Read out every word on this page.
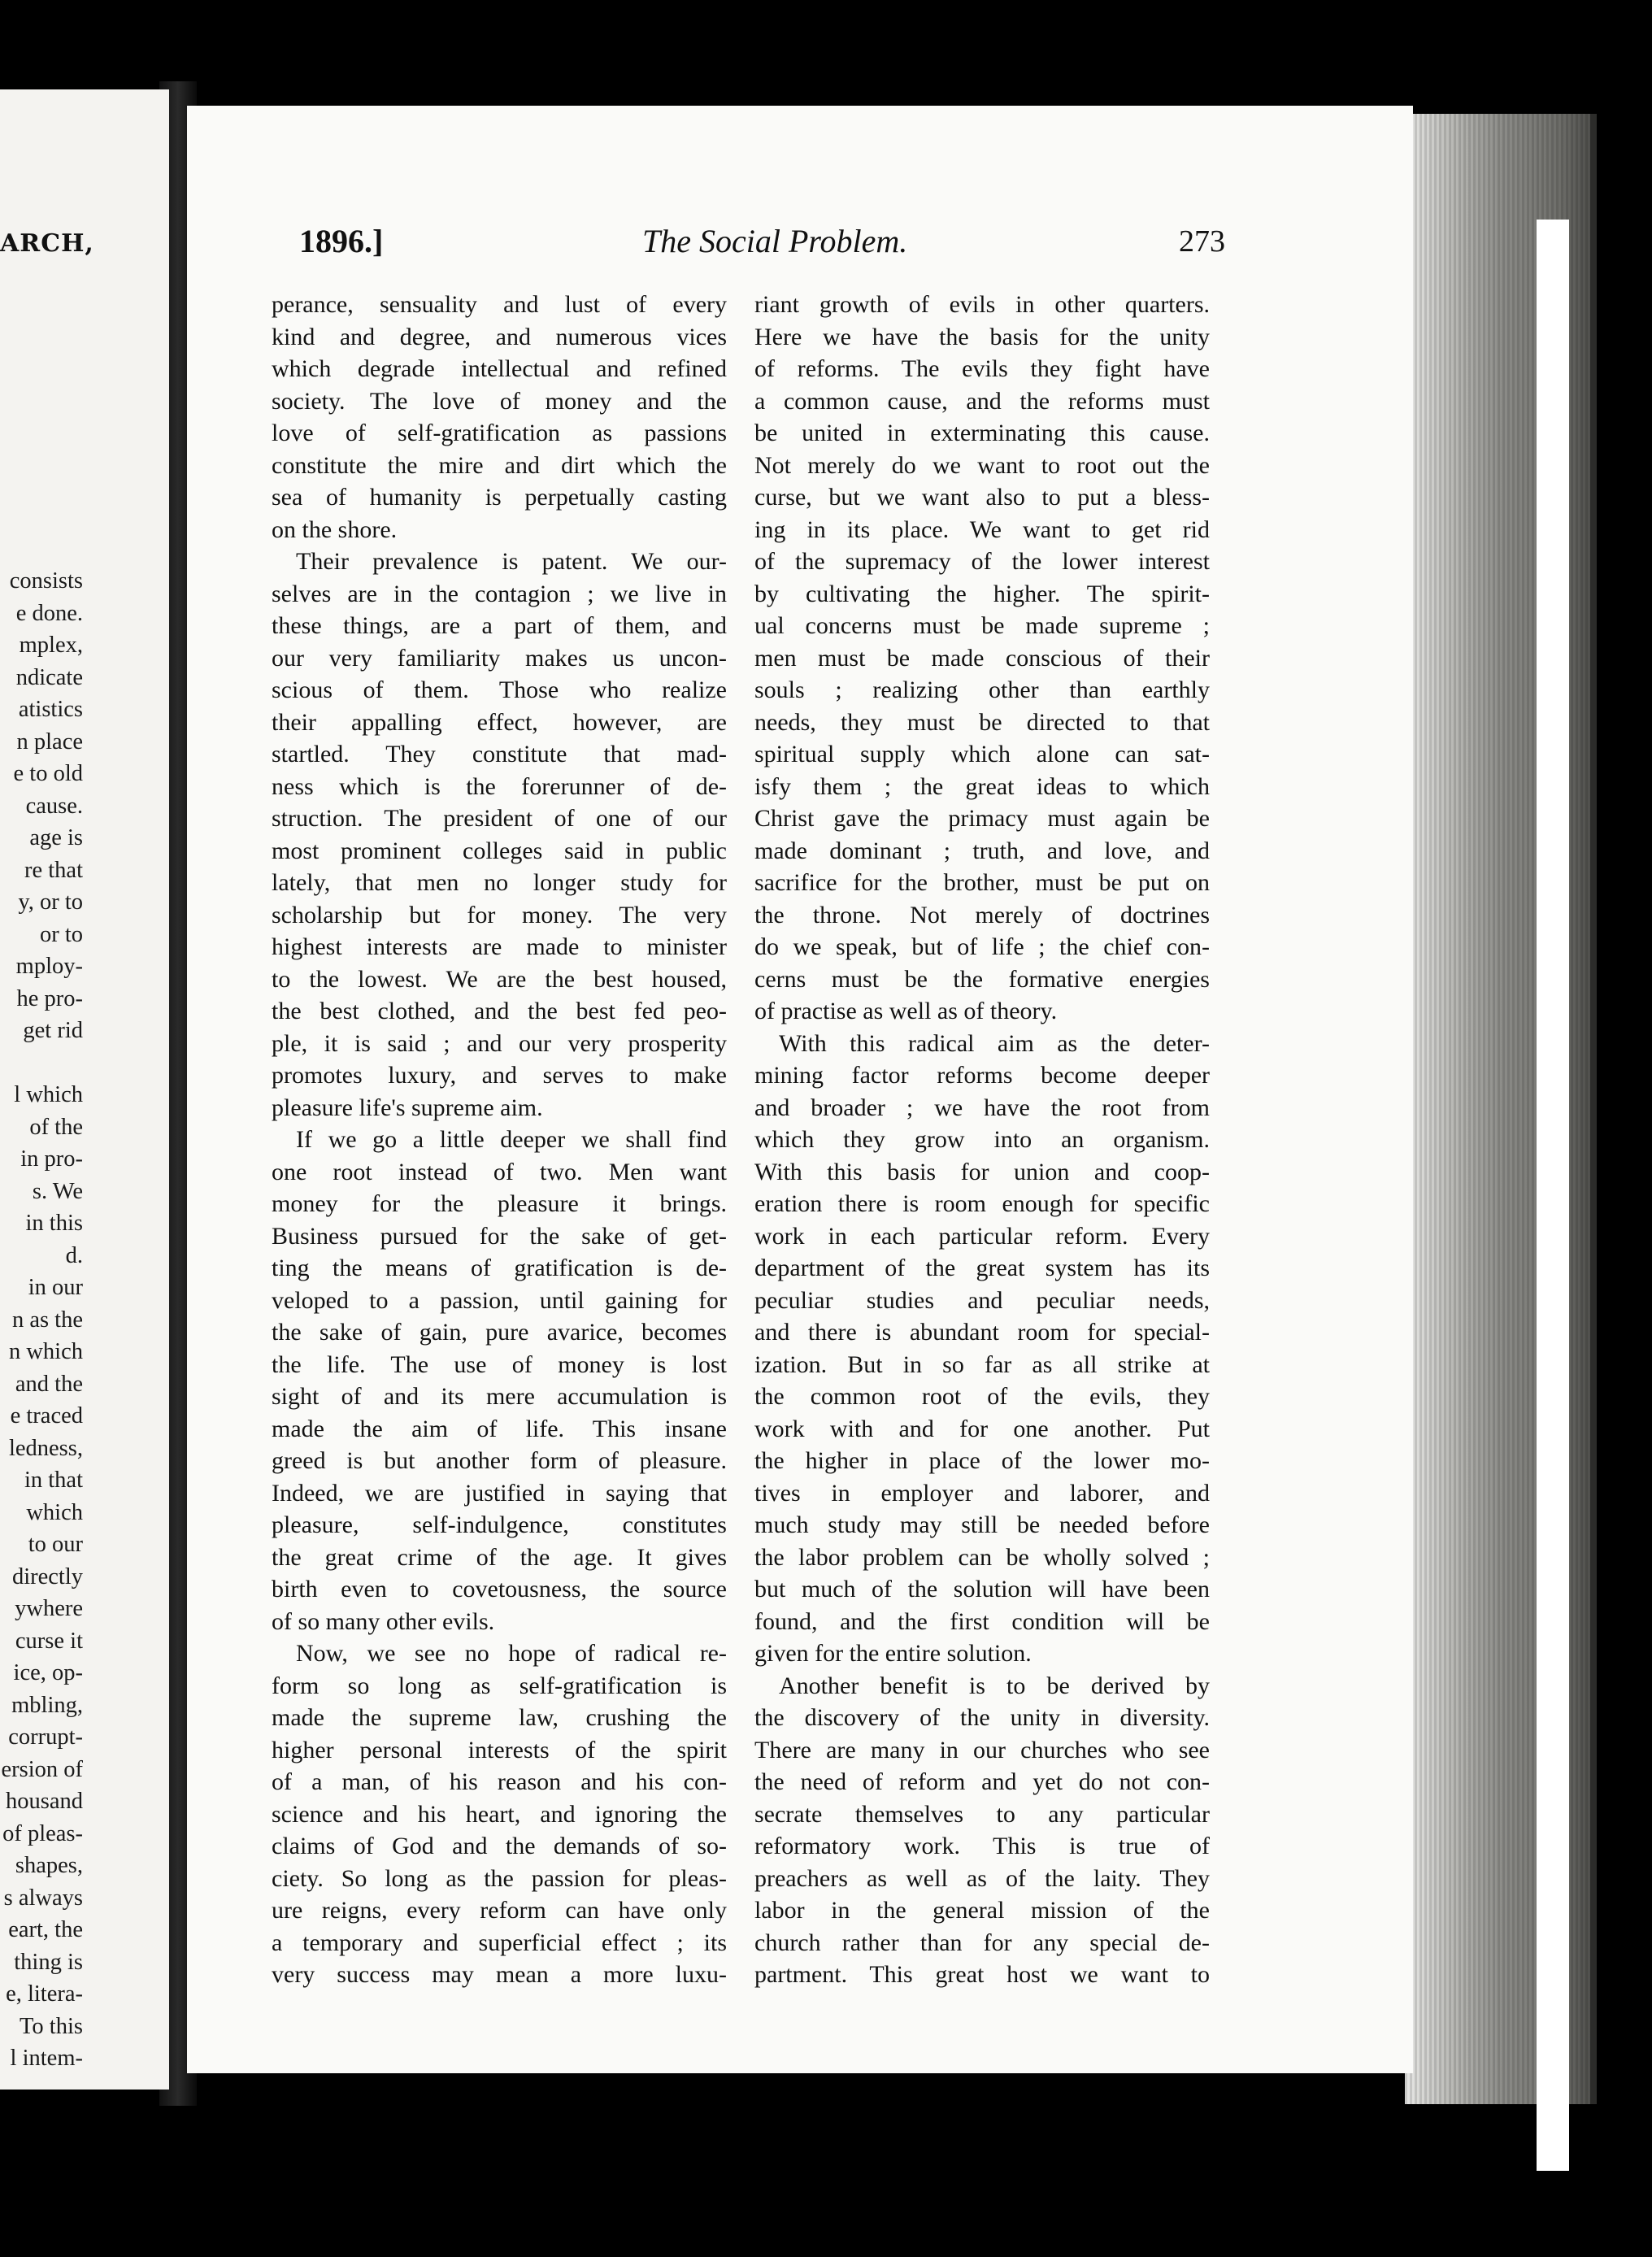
ARCH,
consists
e done.
mplex,
ndicate
atistics
n place
e to old
cause.
age is
re that
y, or to
or to
mploy-
he pro-
get rid
l which
of the
in pro-
s. We
in this
d.
in our
n as the
n which
and the
e traced
ledness,
in that
which
to our
directly
ywhere
curse it
ice, op-
mbling,
corrupt-
ersion of
housand
of pleas-
shapes,
s always
eart, the
thing is
e, litera-
To this
l intem-
1896.]	The Social Problem.	273
perance, sensuality and lust of every
kind and degree, and numerous vices
which degrade intellectual and refined
society. The love of money and the
love of self-gratification as passions
constitute the mire and dirt which the
sea of humanity is perpetually casting
on the shore.
Their prevalence is patent. We our-
selves are in the contagion ; we live in
these things, are a part of them, and
our very familiarity makes us uncon-
scious of them. Those who realize
their appalling effect, however, are
startled. They constitute that mad-
ness which is the forerunner of de-
struction. The president of one of our
most prominent colleges said in public
lately, that men no longer study for
scholarship but for money. The very
highest interests are made to minister
to the lowest. We are the best housed,
the best clothed, and the best fed peo-
ple, it is said ; and our very prosperity
promotes luxury, and serves to make
pleasure life's supreme aim.
If we go a little deeper we shall find
one root instead of two. Men want
money for the pleasure it brings.
Business pursued for the sake of get-
ting the means of gratification is de-
veloped to a passion, until gaining for
the sake of gain, pure avarice, becomes
the life. The use of money is lost
sight of and its mere accumulation is
made the aim of life. This insane
greed is but another form of pleasure.
Indeed, we are justified in saying that
pleasure, self-indulgence, constitutes
the great crime of the age. It gives
birth even to covetousness, the source
of so many other evils.
Now, we see no hope of radical re-
form so long as self-gratification is
made the supreme law, crushing the
higher personal interests of the spirit
of a man, of his reason and his con-
science and his heart, and ignoring the
claims of God and the demands of so-
ciety. So long as the passion for pleas-
ure reigns, every reform can have only
a temporary and superficial effect ; its
very success may mean a more luxu-
riant growth of evils in other quarters.
Here we have the basis for the unity
of reforms. The evils they fight have
a common cause, and the reforms must
be united in exterminating this cause.
Not merely do we want to root out the
curse, but we want also to put a bless-
ing in its place. We want to get rid
of the supremacy of the lower interest
by cultivating the higher. The spirit-
ual concerns must be made supreme ;
men must be made conscious of their
souls ; realizing other than earthly
needs, they must be directed to that
spiritual supply which alone can sat-
isfy them ; the great ideas to which
Christ gave the primacy must again be
made dominant ; truth, and love, and
sacrifice for the brother, must be put on
the throne. Not merely of doctrines
do we speak, but of life ; the chief con-
cerns must be the formative energies
of practise as well as of theory.
With this radical aim as the deter-
mining factor reforms become deeper
and broader ; we have the root from
which they grow into an organism.
With this basis for union and coop-
eration there is room enough for specific
work in each particular reform. Every
department of the great system has its
peculiar studies and peculiar needs,
and there is abundant room for special-
ization. But in so far as all strike at
the common root of the evils, they
work with and for one another. Put
the higher in place of the lower mo-
tives in employer and laborer, and
much study may still be needed before
the labor problem can be wholly solved ;
but much of the solution will have been
found, and the first condition will be
given for the entire solution.
Another benefit is to be derived by
the discovery of the unity in diversity.
There are many in our churches who see
the need of reform and yet do not con-
secrate themselves to any particular
reformatory work. This is true of
preachers as well as of the laity. They
labor in the general mission of the
church rather than for any special de-
partment. This great host we want to
